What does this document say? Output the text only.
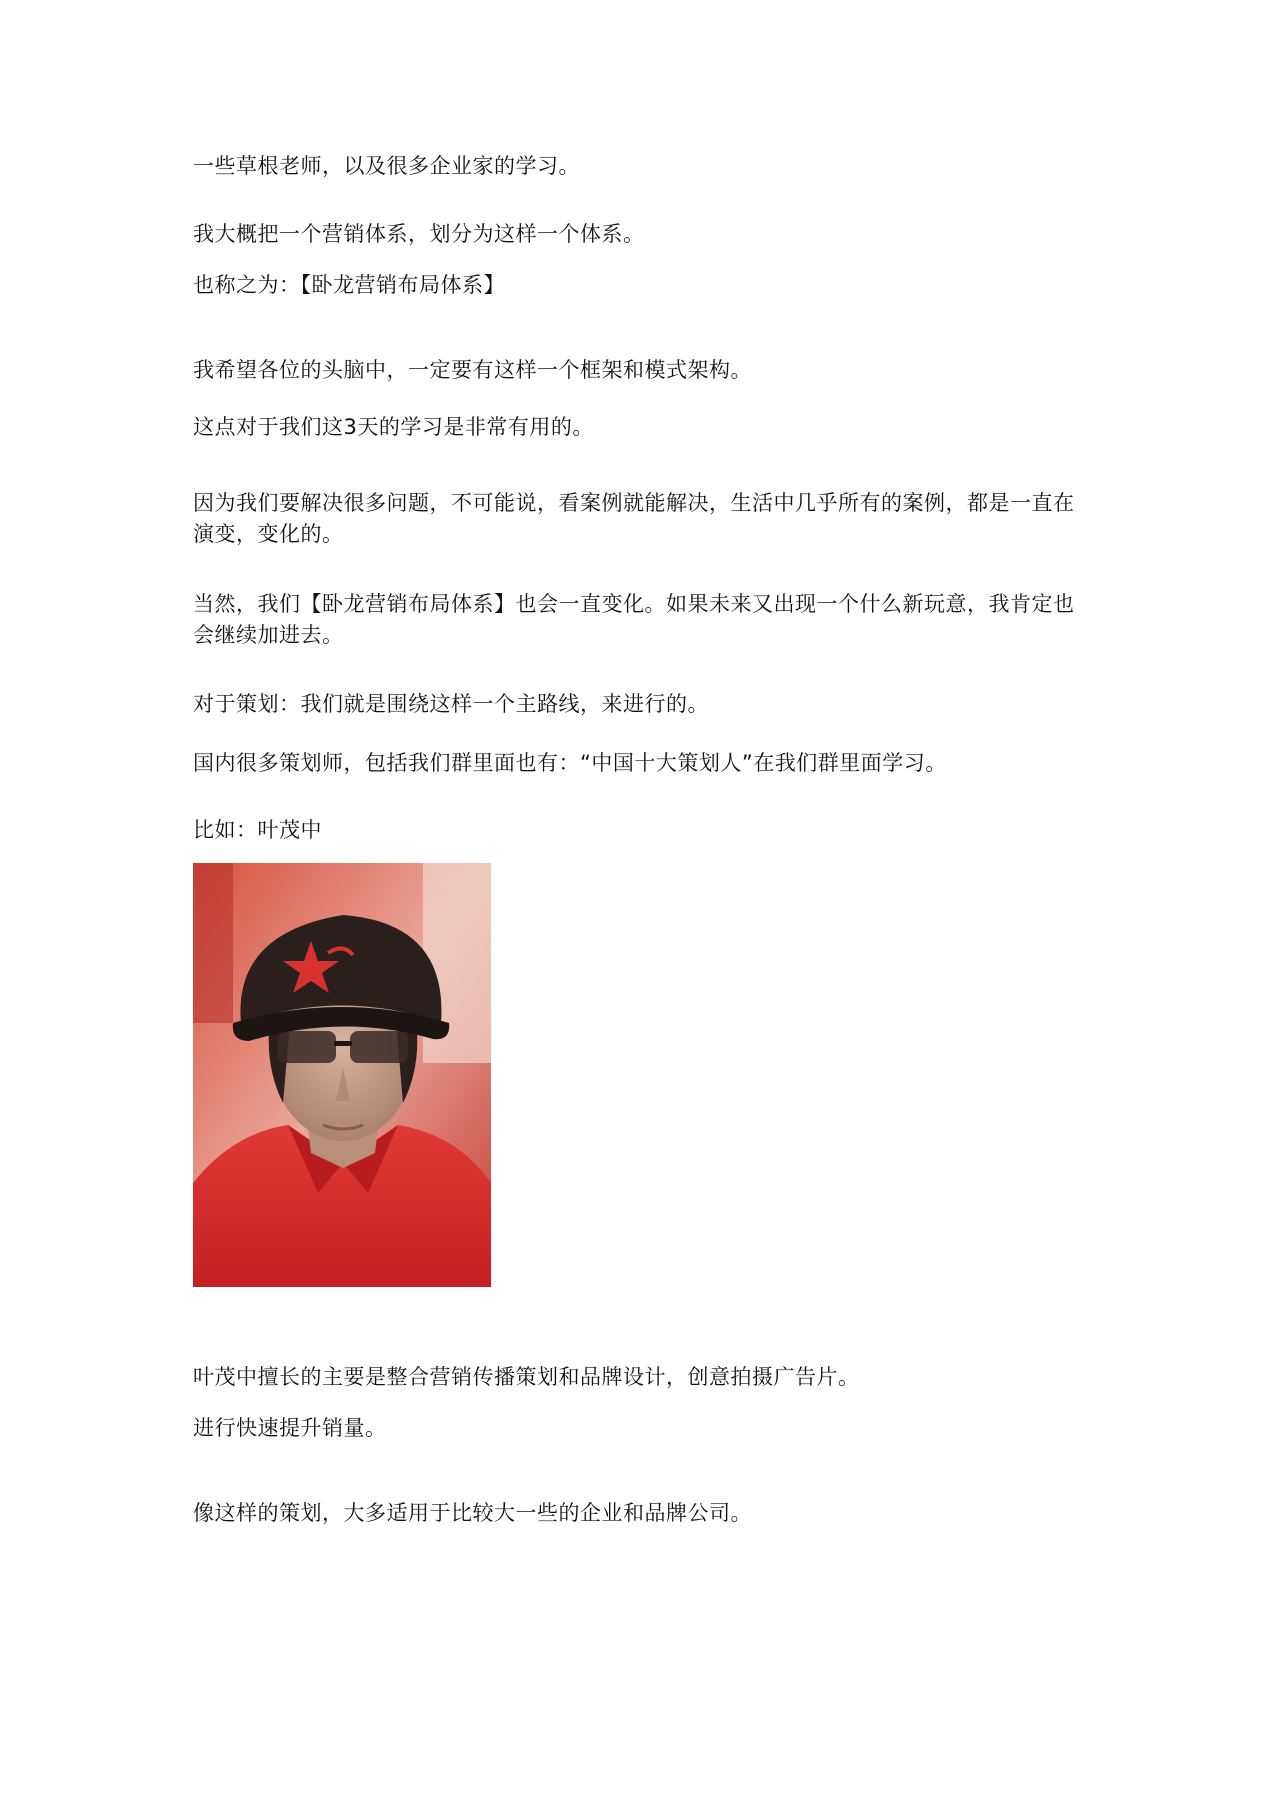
一些草根老师，以及很多企业家的学习。

我大概把一个营销体系，划分为这样一个体系。

也称之为：【卧龙营销布局体系】

我希望各位的头脑中，一定要有这样一个框架和模式架构。

这点对于我们这3天的学习是非常有用的。

因为我们要解决很多问题，不可能说，看案例就能解决，生活中几乎所有的案例，都是一直在演变，变化的。

当然，我们【卧龙营销布局体系】也会一直变化。如果未来又出现一个什么新玩意，我肯定也会继续加进去。

对于策划：我们就是围绕这样一个主路线，来进行的。

国内很多策划师，包括我们群里面也有：“中国十大策划人”在我们群里面学习。

比如：叶茂中

叶茂中擅长的主要是整合营销传播策划和品牌设计，创意拍摄广告片。

进行快速提升销量。

像这样的策划，大多适用于比较大一些的企业和品牌公司。
